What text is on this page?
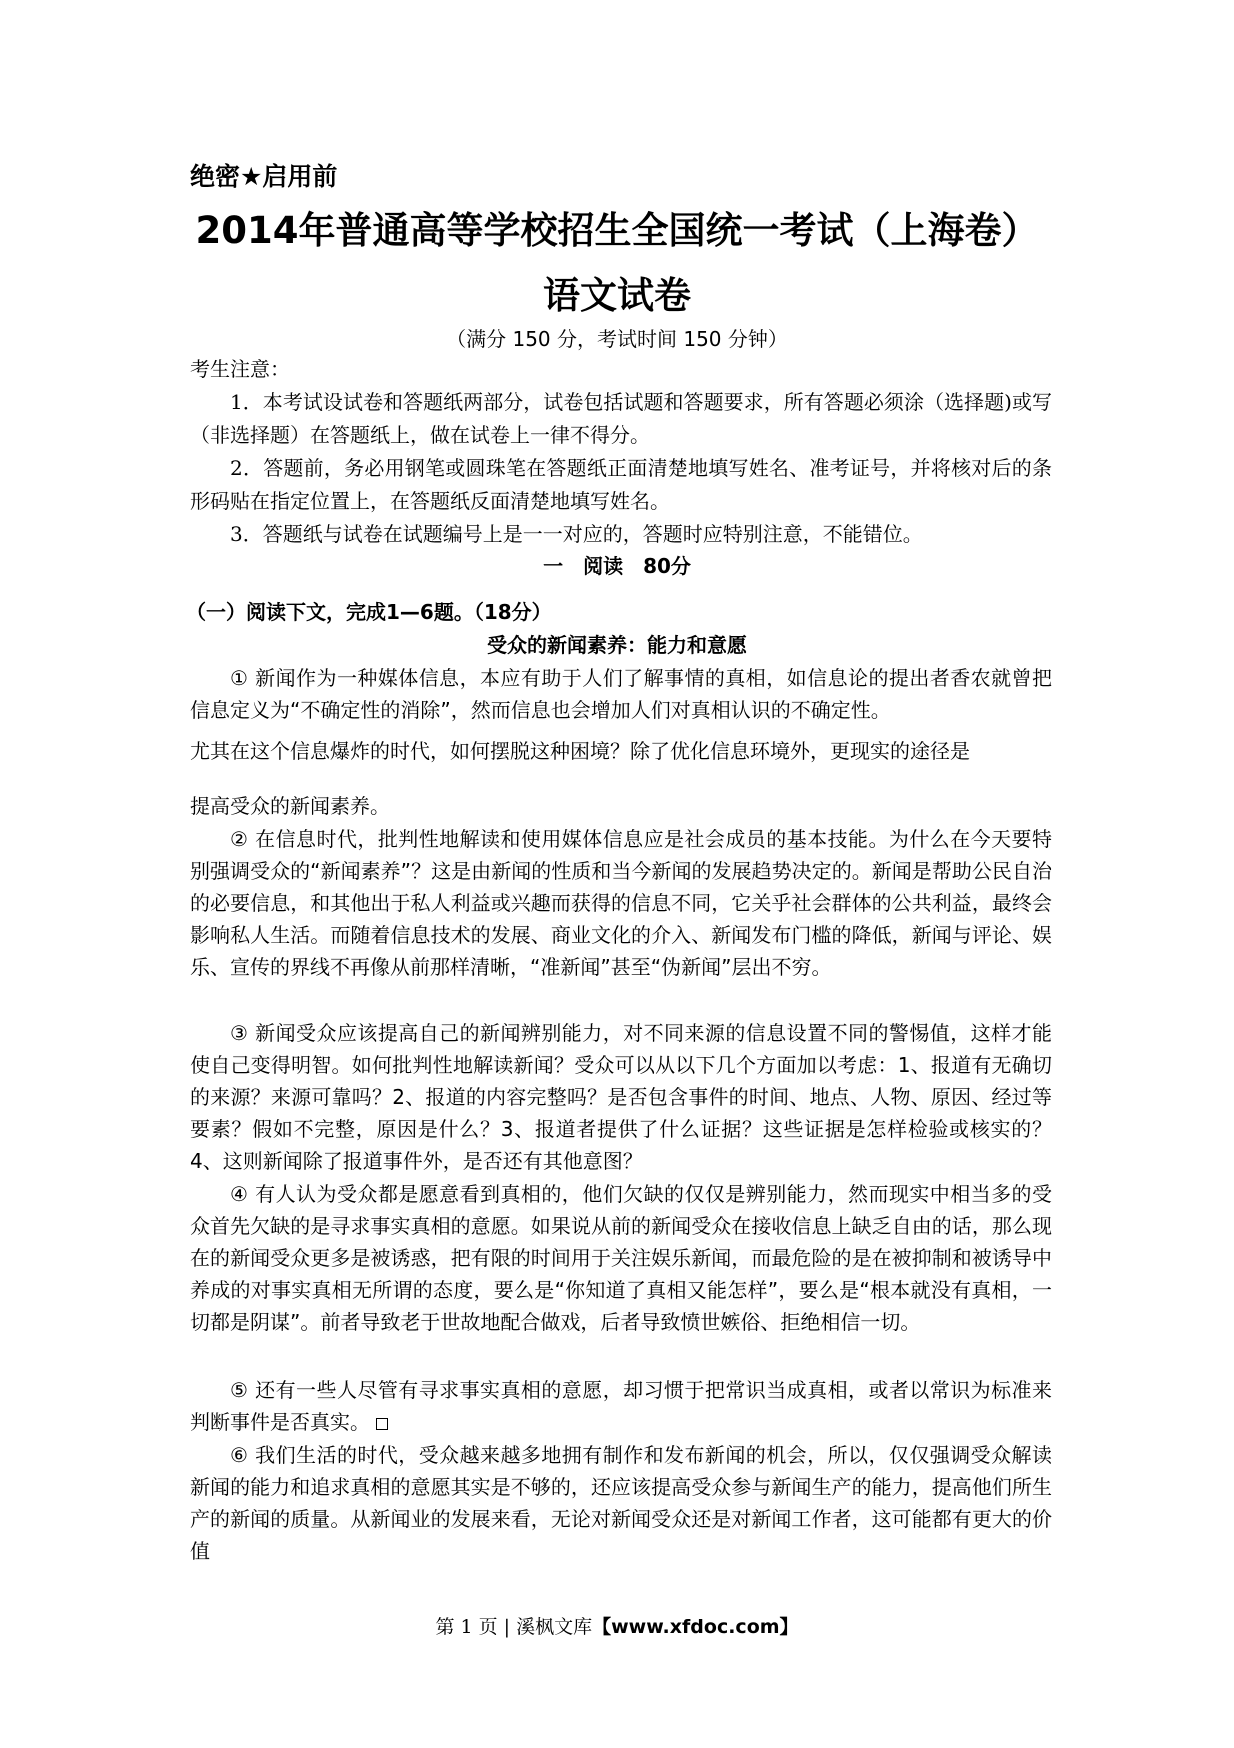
绝密★启用前
2014年普通高等学校招生全国统一考试（上海卷）
语文试卷
（满分 150 分，考试时间 150 分钟）
考生注意：

1．本考试设试卷和答题纸两部分，试卷包括试题和答题要求，所有答题必须涂（选择题)或写（非选择题）在答题纸上，做在试卷上一律不得分。

2．答题前，务必用钢笔或圆珠笔在答题纸正面清楚地填写姓名、准考证号，并将核对后的条形码贴在指定位置上，在答题纸反面清楚地填写姓名。

3．答题纸与试卷在试题编号上是一一对应的，答题时应特别注意，不能错位。

一　阅读　80分
（一）阅读下文，完成1—6题。（18分）
受众的新闻素养：能力和意愿

① 新闻作为一种媒体信息，本应有助于人们了解事情的真相，如信息论的提出者香农就曾把信息定义为“不确定性的消除”，然而信息也会增加人们对真相认识的不确定性。

尤其在这个信息爆炸的时代，如何摆脱这种困境？除了优化信息环境外，更现实的途径是

提高受众的新闻素养。

② 在信息时代，批判性地解读和使用媒体信息应是社会成员的基本技能。为什么在今天要特别强调受众的“新闻素养”？这是由新闻的性质和当今新闻的发展趋势决定的。新闻是帮助公民自治的必要信息，和其他出于私人利益或兴趣而获得的信息不同，它关乎社会群体的公共利益，最终会影响私人生活。而随着信息技术的发展、商业文化的介入、新闻发布门槛的降低，新闻与评论、娱乐、宣传的界线不再像从前那样清晰，“准新闻”甚至“伪新闻”层出不穷。

③ 新闻受众应该提高自己的新闻辨别能力，对不同来源的信息设置不同的警惕值，这样才能使自己变得明智。如何批判性地解读新闻？受众可以从以下几个方面加以考虑：1、报道有无确切的来源？来源可靠吗？2、报道的内容完整吗？是否包含事件的时间、地点、人物、原因、经过等要素？假如不完整，原因是什么？3、报道者提供了什么证据？这些证据是怎样检验或核实的？4、这则新闻除了报道事件外，是否还有其他意图？

④ 有人认为受众都是愿意看到真相的，他们欠缺的仅仅是辨别能力，然而现实中相当多的受众首先欠缺的是寻求事实真相的意愿。如果说从前的新闻受众在接收信息上缺乏自由的话，那么现在的新闻受众更多是被诱惑，把有限的时间用于关注娱乐新闻，而最危险的是在被抑制和被诱导中养成的对事实真相无所谓的态度，要么是“你知道了真相又能怎样”，要么是“根本就没有真相，一切都是阴谋”。前者导致老于世故地配合做戏，后者导致愤世嫉俗、拒绝相信一切。

⑤ 还有一些人尽管有寻求事实真相的意愿，却习惯于把常识当成真相，或者以常识为标准来判断事件是否真实。

⑥ 我们生活的时代，受众越来越多地拥有制作和发布新闻的机会，所以，仅仅强调受众解读新闻的能力和追求真相的意愿其实是不够的，还应该提高受众参与新闻生产的能力，提高他们所生产的新闻的质量。从新闻业的发展来看，无论对新闻受众还是对新闻工作者，这可能都有更大的价值

第 1 页 | 溪枫文库【www.xfdoc.com】
